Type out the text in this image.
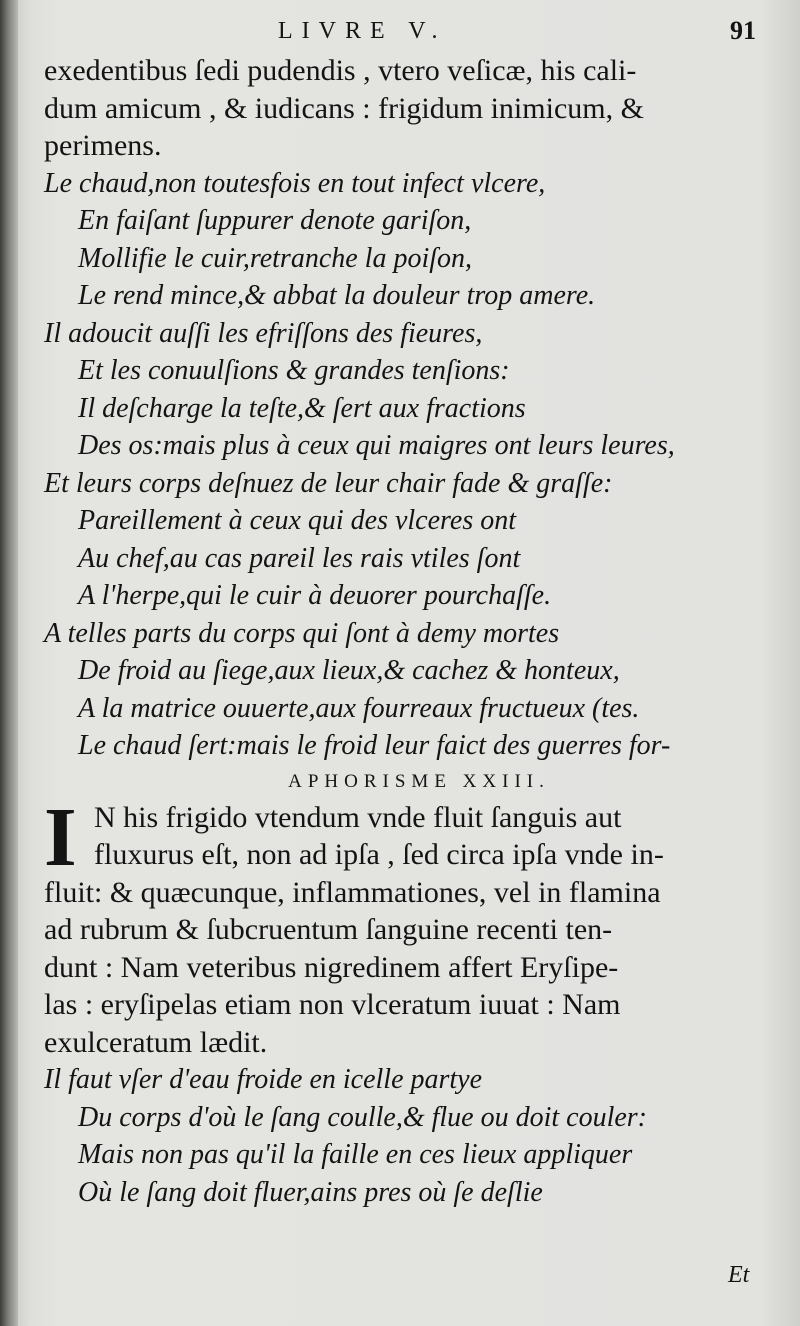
LIVRE V.	91
exedentibus ſedi pudendis , vtero veſicæ, his cali-
dum amicum , & iudicans : frigidum inimicum, &
perimens.
Le chaud,non toutesfois en tout infect vlcere,
En faiſant ſuppurer denote gariſon,
Mollifie le cuir,retranche la poiſon,
Le rend mince,& abbat la douleur trop amere.
Il adoucit auſſi les efriſſons des fieures,
Et les conuulſions & grandes tenſions:
Il deſcharge la teſte,& ſert aux fractions
Des os:mais plus à ceux qui maigres ont leurs leures,
Et leurs corps deſnuez de leur chair fade & graſſe:
Pareillement à ceux qui des vlceres ont
Au chef,au cas pareil les rais vtiles ſont
A l'herpe,qui le cuir à deuorer pourchaſſe.
A telles parts du corps qui ſont à demy mortes
De froid au ſiege,aux lieux,& cachez & honteux,
A la matrice ouuerte,aux fourreaux fructueux (tes.
Le chaud ſert:mais le froid leur faict des guerres for-
APHORISME XXIII.
I N his frigido vtendum vnde fluit ſanguis aut
fluxurus eſt, non ad ipſa , ſed circa ipſa vnde in-
fluit: & quæcunque, inflammationes, vel in flamina
ad rubrum & ſubcruentum ſanguine recenti ten-
dunt : Nam veteribus nigredinem affert Eryſipe-
las : eryſipelas etiam non vlceratum iuuat : Nam
exulceratum lædit.
Il faut vſer d'eau froide en icelle partye
Du corps d'où le ſang coulle,& flue ou doit couler:
Mais non pas qu'il la faille en ces lieux appliquer
Où le ſang doit fluer,ains pres où ſe deſlie
Et
